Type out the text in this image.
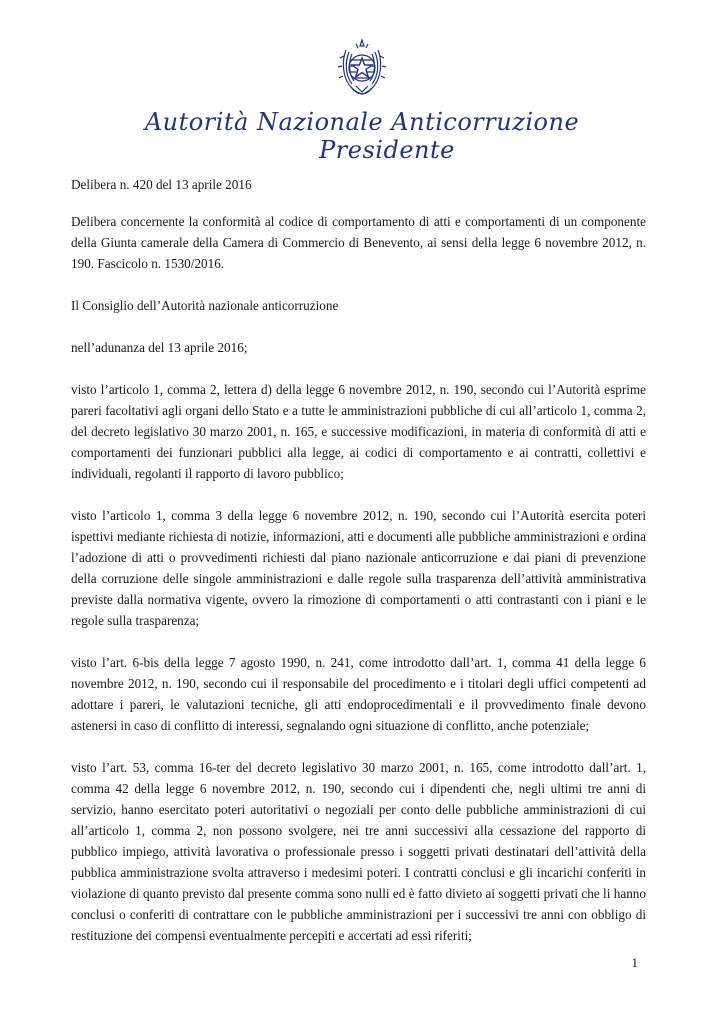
Autorità Nazionale Anticorruzione
Presidente

Delibera n. 420 del 13 aprile 2016

Delibera concernente la conformità al codice di comportamento di atti e comportamenti di un componente della Giunta camerale della Camera di Commercio di Benevento, ai sensi della legge 6 novembre 2012, n. 190. Fascicolo n. 1530/2016.

Il Consiglio dell’Autorità nazionale anticorruzione

nell’adunanza del 13 aprile 2016;

visto l’articolo 1, comma 2, lettera d) della legge 6 novembre 2012, n. 190, secondo cui l’Autorità esprime pareri facoltativi agli organi dello Stato e a tutte le amministrazioni pubbliche di cui all’articolo 1, comma 2, del decreto legislativo 30 marzo 2001, n. 165, e successive modificazioni, in materia di conformità di atti e comportamenti dei funzionari pubblici alla legge, ai codici di comportamento e ai contratti, collettivi e individuali, regolanti il rapporto di lavoro pubblico;

visto l’articolo 1, comma 3 della legge 6 novembre 2012, n. 190, secondo cui l’Autorità esercita poteri ispettivi mediante richiesta di notizie, informazioni, atti e documenti alle pubbliche amministrazioni e ordina l’adozione di atti o provvedimenti richiesti dal piano nazionale anticorruzione e dai piani di prevenzione della corruzione delle singole amministrazioni e dalle regole sulla trasparenza dell’attività amministrativa previste dalla normativa vigente, ovvero la rimozione di comportamenti o atti contrastanti con i piani e le regole sulla trasparenza;

visto l’art. 6-bis della legge 7 agosto 1990, n. 241, come introdotto dall’art. 1, comma 41 della legge 6 novembre 2012, n. 190, secondo cui il responsabile del procedimento e i titolari degli uffici competenti ad adottare i pareri, le valutazioni tecniche, gli atti endoprocedimentali e il provvedimento finale devono astenersi in caso di conflitto di interessi, segnalando ogni situazione di conflitto, anche potenziale;

visto l’art. 53, comma 16-ter del decreto legislativo 30 marzo 2001, n. 165, come introdotto dall’art. 1, comma 42 della legge 6 novembre 2012, n. 190, secondo cui i dipendenti che, negli ultimi tre anni di servizio, hanno esercitato poteri autoritativi o negoziali per conto delle pubbliche amministrazioni di cui all’articolo 1, comma 2, non possono svolgere, nei tre anni successivi alla cessazione del rapporto di pubblico impiego, attività lavorativa o professionale presso i soggetti privati destinatari dell’attività della pubblica amministrazione svolta attraverso i medesimi poteri. I contratti conclusi e gli incarichi conferiti in violazione di quanto previsto dal presente comma sono nulli ed è fatto divieto ai soggetti privati che li hanno conclusi o conferiti di contrattare con le pubbliche amministrazioni per i successivi tre anni con obbligo di restituzione dei compensi eventualmente percepiti e accertati ad essi riferiti;

1
